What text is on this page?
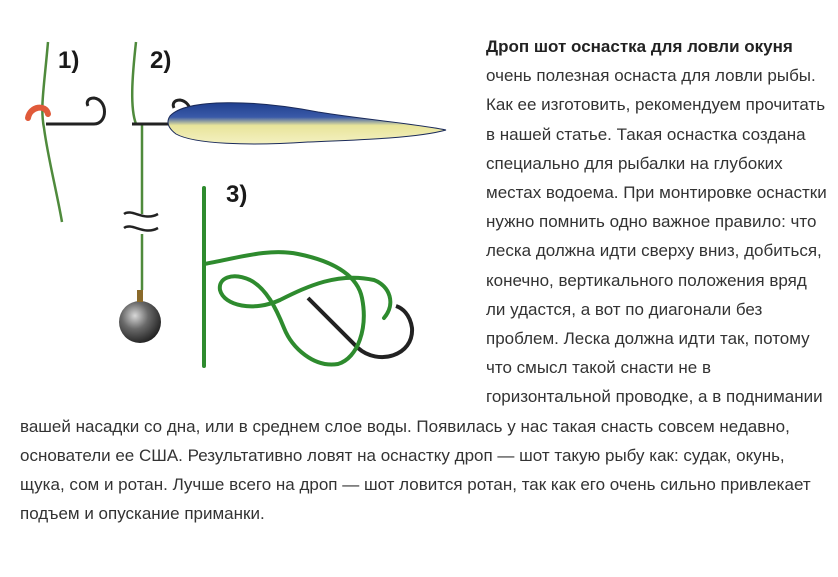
1)	2)
3)
Дроп шот оснастка для ловли окуня очень полезная оснаста для ловли рыбы. Как ее изготовить, рекомендуем прочитать в нашей статье. Такая оснастка создана специально для рыбалки на глубоких местах водоема. При монтировке оснастки нужно помнить одно важное правило: что леска должна идти сверху вниз, добиться, конечно, вертикального положения вряд ли удастся, а вот по диагонали без проблем. Леска должна идти так, потому что смысл такой снасти не в горизонтальной проводке, а в поднимании вашей насадки со дна, или в среднем слое воды. Появилась у нас такая снасть совсем недавно, основатели ее США. Результативно ловят на оснастку дроп — шот такую рыбу как: судак, окунь, щука, сом и ротан. Лучше всего на дроп — шот ловится ротан, так как его очень сильно привлекает подъем и опускание приманки.
